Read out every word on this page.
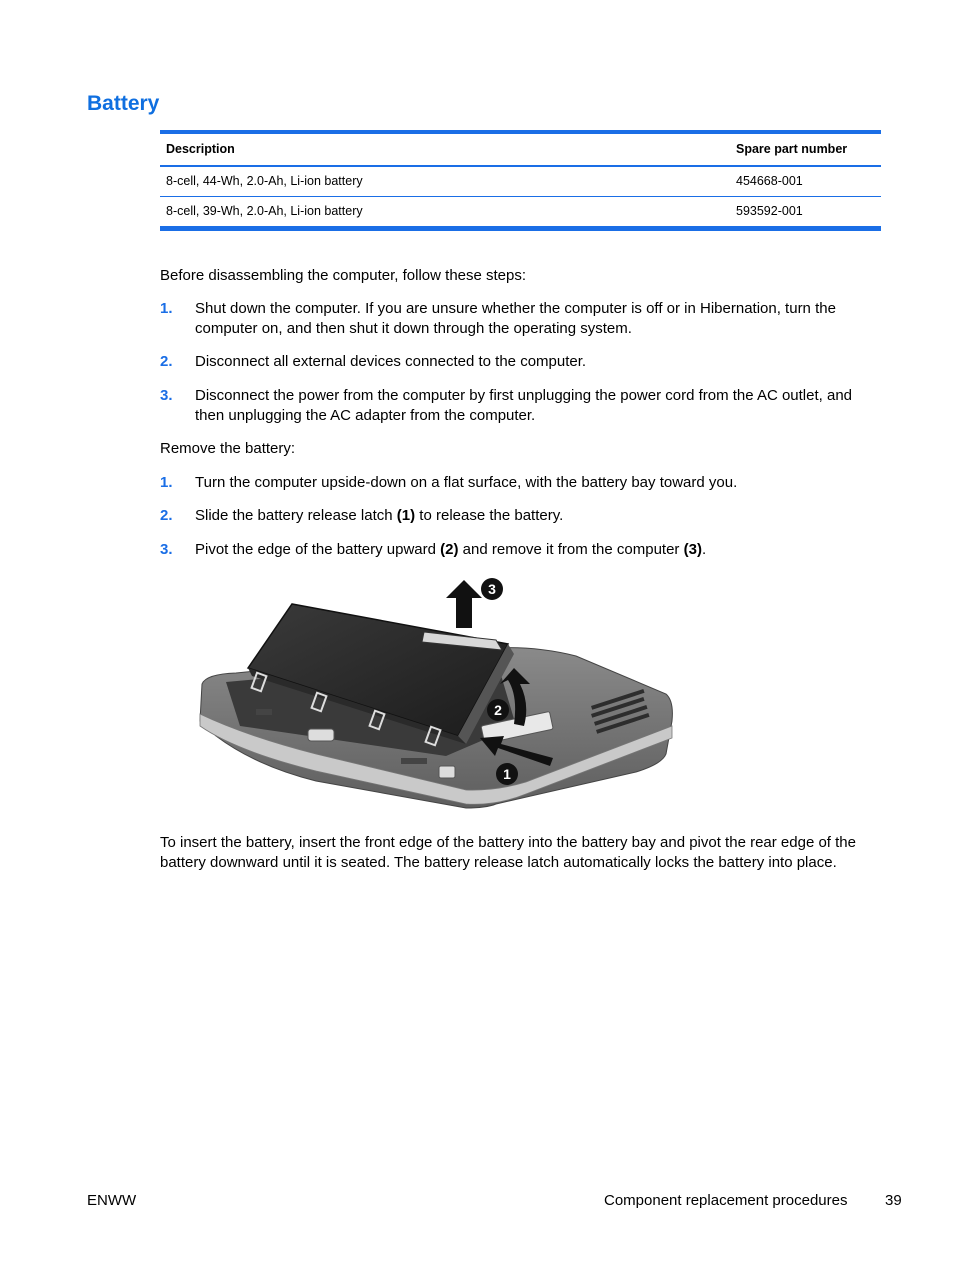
Battery
Description	Spare part number
8-cell, 44-Wh, 2.0-Ah, Li-ion battery	454668-001
8-cell, 39-Wh, 2.0-Ah, Li-ion battery	593592-001

Before disassembling the computer, follow these steps:

1. Shut down the computer. If you are unsure whether the computer is off or in Hibernation, turn the computer on, and then shut it down through the operating system.
2. Disconnect all external devices connected to the computer.
3. Disconnect the power from the computer by first unplugging the power cord from the AC outlet, and then unplugging the AC adapter from the computer.

Remove the battery:

1. Turn the computer upside-down on a flat surface, with the battery bay toward you.
2. Slide the battery release latch (1) to release the battery.
3. Pivot the edge of the battery upward (2) and remove it from the computer (3).
3
2
1

To insert the battery, insert the front edge of the battery into the battery bay and pivot the rear edge of the battery downward until it is seated. The battery release latch automatically locks the battery into place.

ENWW	Component replacement procedures	39
